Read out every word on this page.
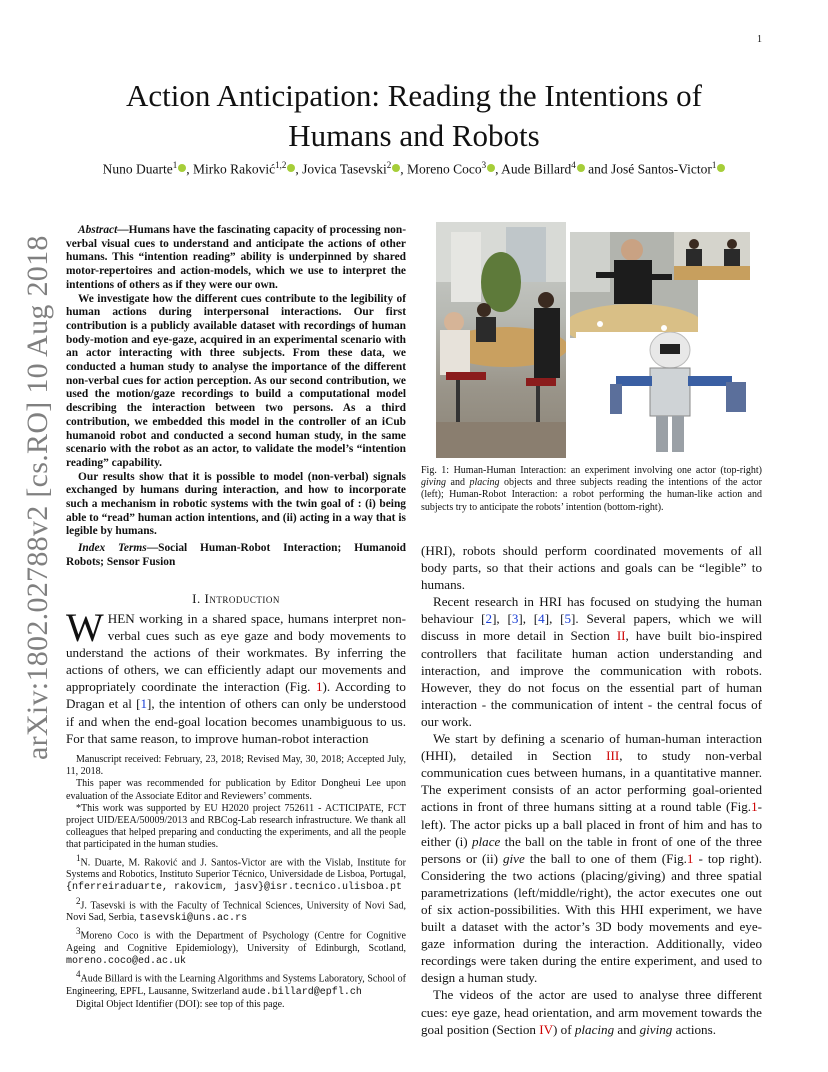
1
arXiv:1802.02788v2 [cs.RO] 10 Aug 2018
Action Anticipation: Reading the Intentions of Humans and Robots
Nuno Duarte$^1$ , Mirko Raković$^{1,2}$ , Jovica Tasevski$^2$ , Moreno Coco$^3$ , Aude Billard$^4$ and José Santos-Victor$^1$

Abstract—Humans have the fascinating capacity of processing non-verbal visual cues to understand and anticipate the actions of other humans. This “intention reading” ability is underpinned by shared motor-repertoires and action-models, which we use to interpret the intentions of others as if they were our own.

We investigate how the different cues contribute to the legibility of human actions during interpersonal interactions. Our first contribution is a publicly available dataset with recordings of human body-motion and eye-gaze, acquired in an experimental scenario with an actor interacting with three subjects. From these data, we conducted a human study to analyse the importance of the different non-verbal cues for action perception. As our second contribution, we used the motion/gaze recordings to build a computational model describing the interaction between two persons. As a third contribution, we embedded this model in the controller of an iCub humanoid robot and conducted a second human study, in the same scenario with the robot as an actor, to validate the model’s “intention reading” capability.

Our results show that it is possible to model (non-verbal) signals exchanged by humans during interaction, and how to incorporate such a mechanism in robotic systems with the twin goal of : (i) being able to “read” human action intentions, and (ii) acting in a way that is legible by humans.

Index Terms—Social Human-Robot Interaction; Humanoid Robots; Sensor Fusion

I. Introduction

WHEN working in a shared space, humans interpret non-verbal cues such as eye gaze and body movements to understand the actions of their workmates. By inferring the actions of others, we can efficiently adapt our movements and appropriately coordinate the interaction (Fig. 1). According to Dragan et al [1], the intention of others can only be understood if and when the end-goal location becomes unambiguous to us. For that same reason, to improve human-robot interaction

Manuscript received: February, 23, 2018; Revised May, 30, 2018; Accepted July, 11, 2018.

This paper was recommended for publication by Editor Dongheui Lee upon evaluation of the Associate Editor and Reviewers’ comments.

*This work was supported by EU H2020 project 752611 - ACTICIPATE, FCT project UID/EEA/50009/2013 and RBCog-Lab research infrastructure. We thank all colleagues that helped preparing and conducting the experiments, and all the people that participated in the human studies.

$^1$N. Duarte, M. Raković and J. Santos-Victor are with the Vislab, Institute for Systems and Robotics, Instituto Superior Técnico, Universidade de Lisboa, Portugal, {nferreiraduarte, rakovicm, jasv}@isr.tecnico.ulisboa.pt

$^2$J. Tasevski is with the Faculty of Technical Sciences, University of Novi Sad, Novi Sad, Serbia, tasevski@uns.ac.rs

$^3$Moreno Coco is with the Department of Psychology (Centre for Cognitive Ageing and Cognitive Epidemiology), University of Edinburgh, Scotland, moreno.coco@ed.ac.uk

$^4$Aude Billard is with the Learning Algorithms and Systems Laboratory, School of Engineering, EPFL, Lausanne, Switzerland aude.billard@epfl.ch

Digital Object Identifier (DOI): see top of this page.

Fig. 1: Human-Human Interaction: an experiment involving one actor (top-right) giving and placing objects and three subjects reading the intentions of the actor (left); Human-Robot Interaction: a robot performing the human-like action and subjects try to anticipate the robots’ intention (bottom-right).

(HRI), robots should perform coordinated movements of all body parts, so that their actions and goals can be “legible” to humans.

Recent research in HRI has focused on studying the human behaviour [2], [3], [4], [5]. Several papers, which we will discuss in more detail in Section II, have built bio-inspired controllers that facilitate human action understanding and interaction, and improve the communication with robots. However, they do not focus on the essential part of human interaction - the communication of intent - the central focus of our work.

We start by defining a scenario of human-human interaction (HHI), detailed in Section III, to study non-verbal communication cues between humans, in a quantitative manner. The experiment consists of an actor performing goal-oriented actions in front of three humans sitting at a round table (Fig.1-left). The actor picks up a ball placed in front of him and has to either (i) place the ball on the table in front of one of the three persons or (ii) give the ball to one of them (Fig.1 - top right). Considering the two actions (placing/giving) and three spatial parametrizations (left/middle/right), the actor executes one out of six action-possibilities. With this HHI experiment, we have built a dataset with the actor’s 3D body movements and eye-gaze information during the interaction. Additionally, video recordings were taken during the entire experiment, and used to design a human study.

The videos of the actor are used to analyse three different cues: eye gaze, head orientation, and arm movement towards the goal position (Section IV) of placing and giving actions.
